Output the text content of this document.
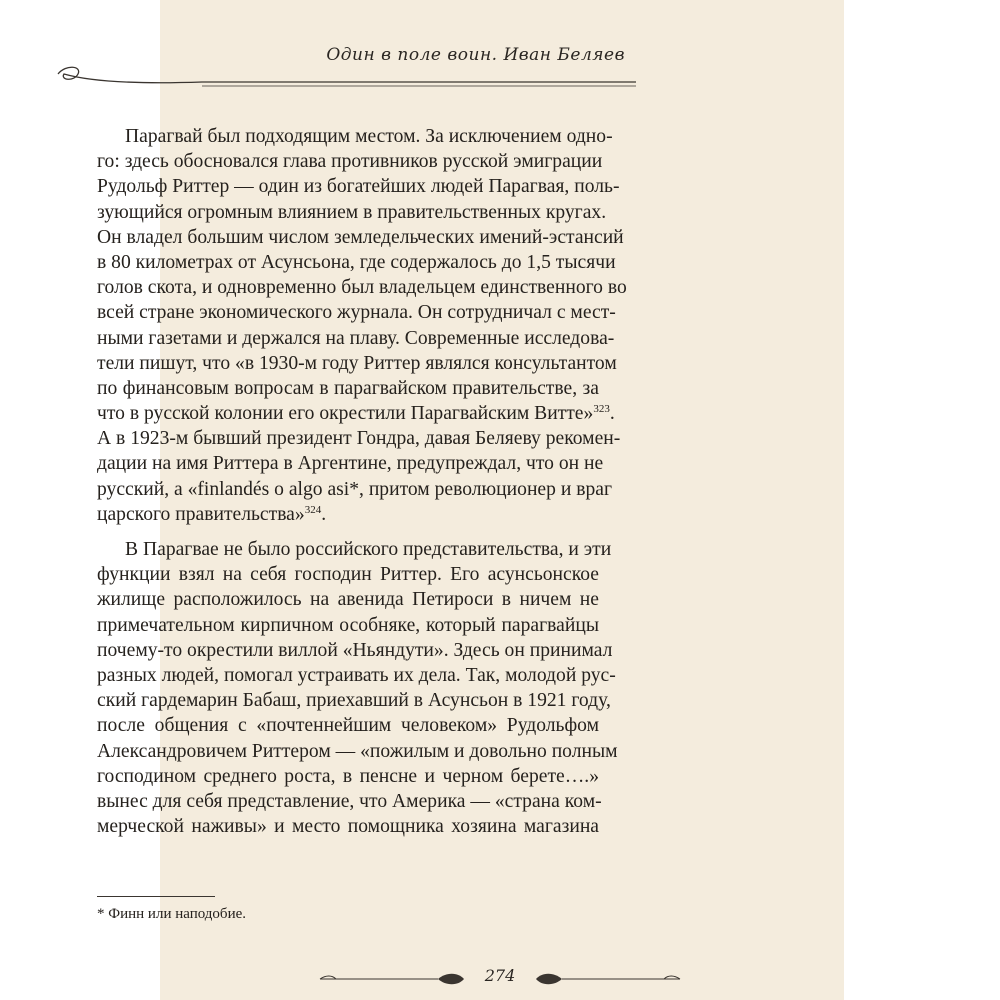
Один в поле воин. Иван Беляев
Парагвай был подходящим местом. За исключением одно-
го: здесь обосновался глава противников русской эмиграции
Рудольф Риттер — один из богатейших людей Парагвая, поль-
зующийся огромным влиянием в правительственных кругах.
Он владел большим числом земледельческих имений-эстансий
в 80 километрах от Асунсьона, где содержалось до 1,5 тысячи
голов скота, и одновременно был владельцем единственного во
всей стране экономического журнала. Он сотрудничал с мест-
ными газетами и держался на плаву. Современные исследова-
тели пишут, что «в 1930-м году Риттер являлся консультантом
по финансовым вопросам в парагвайском правительстве, за
что в русской колонии его окрестили Парагвайским Витте»$^{323}$.
А в 1923-м бывший президент Гондра, давая Беляеву рекомен-
дации на имя Риттера в Аргентине, предупреждал, что он не
русский, а «finlandés o algo asi*, притом революционер и враг
царского правительства»$^{324}$.
В Парагвае не было российского представительства, и эти
функции взял на себя господин Риттер. Его асунсьонское
жилище расположилось на авенида Петироси в ничем не
примечательном кирпичном особняке, который парагвайцы
почему-то окрестили виллой «Ньяндути». Здесь он принимал
разных людей, помогал устраивать их дела. Так, молодой рус-
ский гардемарин Бабаш, приехавший в Асунсьон в 1921 году,
после общения с «почтеннейшим человеком» Рудольфом
Александровичем Риттером — «пожилым и довольно полным
господином среднего роста, в пенсне и черном берете….»
вынес для себя представление, что Америка — «страна ком-
мерческой наживы» и место помощника хозяина магазина
* Финн или наподобие.
274
